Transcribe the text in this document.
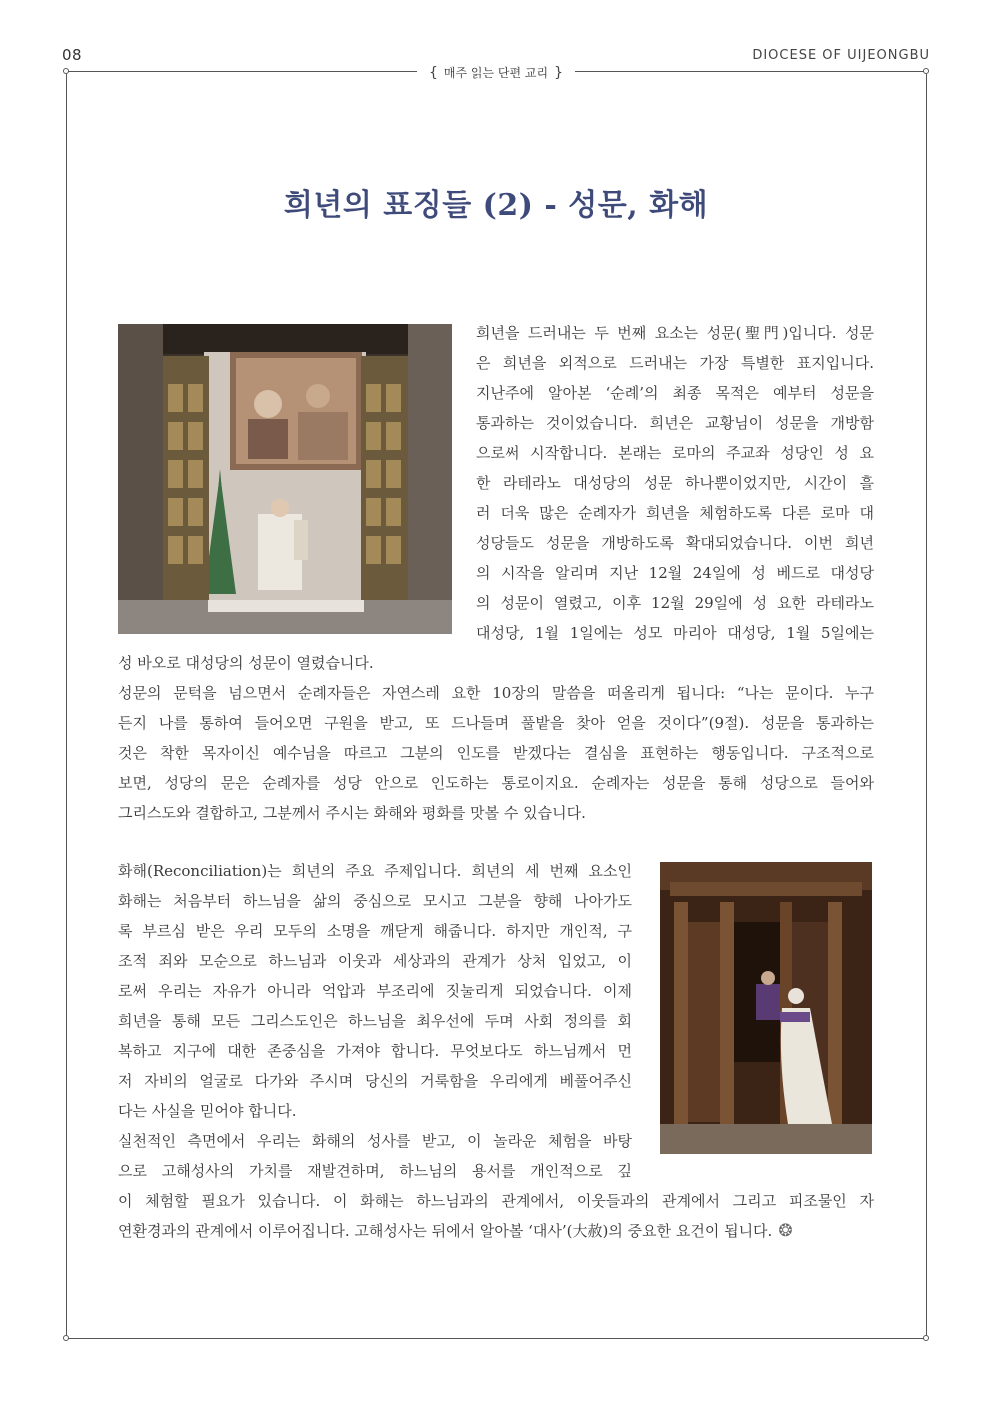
08	DIOCESE OF UIJEONGBU
{ 매주 읽는 단편 교리 }
희년의 표징들 (2) - 성문, 화해
희년을 드러내는 두 번째 요소는 성문(聖門)입니다. 성문
은 희년을 외적으로 드러내는 가장 특별한 표지입니다.
지난주에 알아본 ‘순례’의 최종 목적은 예부터 성문을
통과하는 것이었습니다. 희년은 교황님이 성문을 개방함
으로써 시작합니다. 본래는 로마의 주교좌 성당인 성 요
한 라테라노 대성당의 성문 하나뿐이었지만, 시간이 흘
러 더욱 많은 순례자가 희년을 체험하도록 다른 로마 대
성당들도 성문을 개방하도록 확대되었습니다. 이번 희년
의 시작을 알리며 지난 12월 24일에 성 베드로 대성당
의 성문이 열렸고, 이후 12월 29일에 성 요한 라테라노
대성당, 1월 1일에는 성모 마리아 대성당, 1월 5일에는
성 바오로 대성당의 성문이 열렸습니다.
성문의 문턱을 넘으면서 순례자들은 자연스레 요한 10장의 말씀을 떠올리게 됩니다: “나는 문이다. 누구
든지 나를 통하여 들어오면 구원을 받고, 또 드나들며 풀밭을 찾아 얻을 것이다”(9절). 성문을 통과하는
것은 착한 목자이신 예수님을 따르고 그분의 인도를 받겠다는 결심을 표현하는 행동입니다. 구조적으로
보면, 성당의 문은 순례자를 성당 안으로 인도하는 통로이지요. 순례자는 성문을 통해 성당으로 들어와
그리스도와 결합하고, 그분께서 주시는 화해와 평화를 맛볼 수 있습니다.
화해(Reconciliation)는 희년의 주요 주제입니다. 희년의 세 번째 요소인
화해는 처음부터 하느님을 삶의 중심으로 모시고 그분을 향해 나아가도
록 부르심 받은 우리 모두의 소명을 깨닫게 해줍니다. 하지만 개인적, 구
조적 죄와 모순으로 하느님과 이웃과 세상과의 관계가 상처 입었고, 이
로써 우리는 자유가 아니라 억압과 부조리에 짓눌리게 되었습니다. 이제
희년을 통해 모든 그리스도인은 하느님을 최우선에 두며 사회 정의를 회
복하고 지구에 대한 존중심을 가져야 합니다. 무엇보다도 하느님께서 먼
저 자비의 얼굴로 다가와 주시며 당신의 거룩함을 우리에게 베풀어주신
다는 사실을 믿어야 합니다.
실천적인 측면에서 우리는 화해의 성사를 받고, 이 놀라운 체험을 바탕
으로 고해성사의 가치를 재발견하며, 하느님의 용서를 개인적으로 깊
이 체험할 필요가 있습니다. 이 화해는 하느님과의 관계에서, 이웃들과의 관계에서 그리고 피조물인 자
연환경과의 관계에서 이루어집니다. 고해성사는 뒤에서 알아볼 ‘대사’(大赦)의 중요한 요건이 됩니다. ❂
